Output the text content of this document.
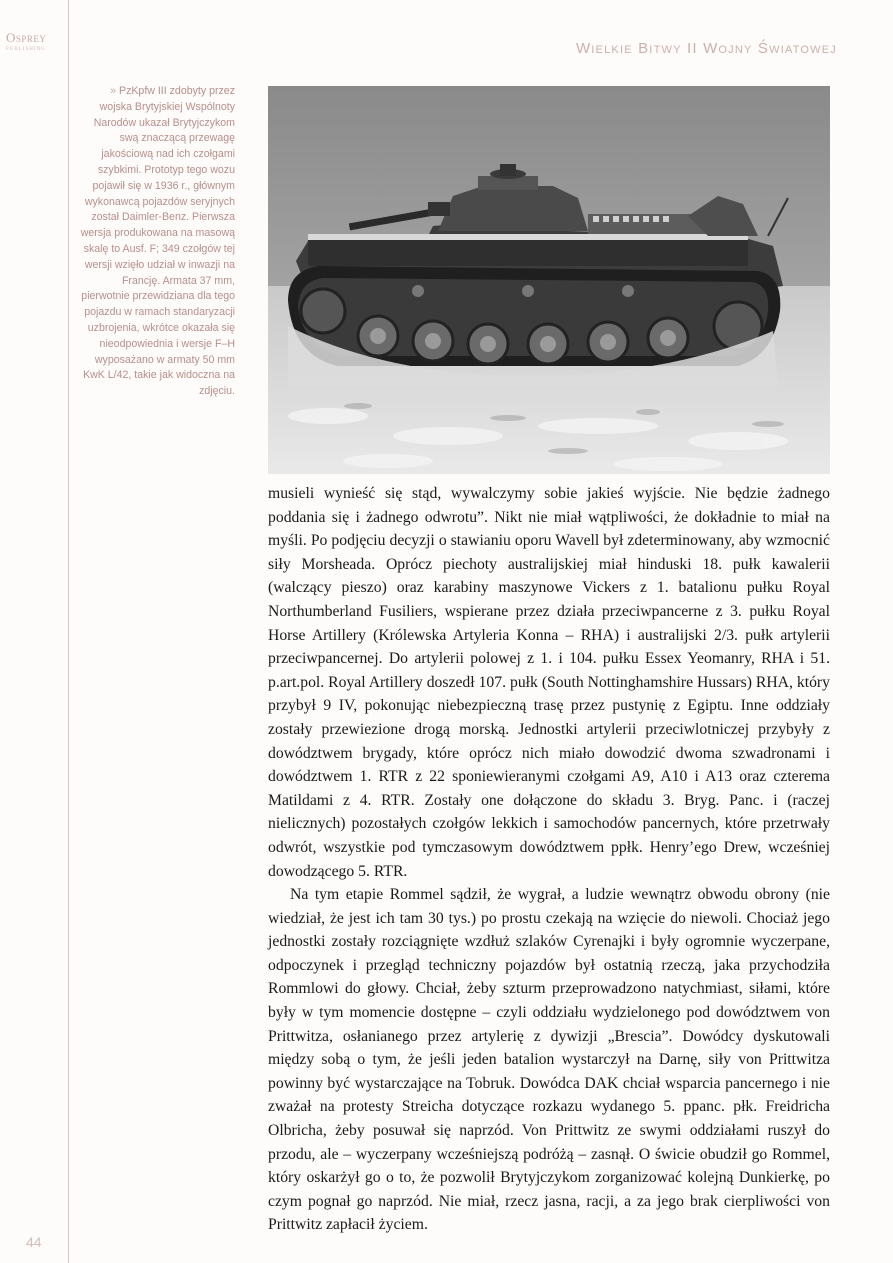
Osprey
PUBLISHING	Wielkie Bitwy II Wojny Światowej
» PzKpfw III zdobyty przez wojska Brytyjskiej Wspólnoty Narodów ukazał Brytyjczykom swą znaczącą przewagę jakościową nad ich czołgami szybkimi. Prototyp tego wozu pojawił się w 1936 r., głównym wykonawcą pojazdów seryjnych został Daimler-Benz. Pierwsza wersja produkowana na masową skalę to Ausf. F; 349 czołgów tej wersji wzięło udział w inwazji na Francję. Armata 37 mm, pierwotnie przewidziana dla tego pojazdu w ramach standaryzacji uzbrojenia, wkrótce okazała się nieodpowiednia i wersje F–H wyposażano w armaty 50 mm KwK L/42, takie jak widoczna na zdjęciu.

musieli wynieść się stąd, wywalczymy sobie jakieś wyjście. Nie będzie żadnego poddania się i żadnego odwrotu”. Nikt nie miał wątpliwości, że dokładnie to miał na myśli. Po podjęciu decyzji o stawianiu oporu Wavell był zdeterminowany, aby wzmocnić siły Morsheada. Oprócz piechoty australijskiej miał hinduski 18. pułk kawalerii (walczący pieszo) oraz karabiny maszynowe Vickers z 1. batalionu pułku Royal Northumberland Fusiliers, wspierane przez działa przeciwpancerne z 3. pułku Royal Horse Artillery (Królewska Artyleria Konna – RHA) i australijski 2/3. pułk artylerii przeciwpancernej. Do artylerii polowej z 1. i 104. pułku Essex Yeomanry, RHA i 51. p.art.pol. Royal Artillery doszedł 107. pułk (South Nottinghamshire Hussars) RHA, który przybył 9 IV, pokonując niebezpieczną trasę przez pustynię z Egiptu. Inne oddziały zostały przewiezione drogą morską. Jednostki artylerii przeciwlotniczej przybyły z dowództwem brygady, które oprócz nich miało dowodzić dwoma szwadronami i dowództwem 1. RTR z 22 sponiewieranymi czołgami A9, A10 i A13 oraz czterema Matildami z 4. RTR. Zostały one dołączone do składu 3. Bryg. Panc. i (raczej nielicznych) pozostałych czołgów lekkich i samochodów pancernych, które przetrwały odwrót, wszystkie pod tymczasowym dowództwem ppłk. Henry’ego Drew, wcześniej dowodzącego 5. RTR.

Na tym etapie Rommel sądził, że wygrał, a ludzie wewnątrz obwodu obrony (nie wiedział, że jest ich tam 30 tys.) po prostu czekają na wzięcie do niewoli. Chociaż jego jednostki zostały rozciągnięte wzdłuż szlaków Cyrenajki i były ogromnie wyczerpane, odpoczynek i przegląd techniczny pojazdów był ostatnią rzeczą, jaka przychodziła Rommlowi do głowy. Chciał, żeby szturm przeprowadzono natychmiast, siłami, które były w tym momencie dostępne – czyli oddziału wydzielonego pod dowództwem von Prittwitza, osłanianego przez artylerię z dywizji „Brescia”. Dowódcy dyskutowali między sobą o tym, że jeśli jeden batalion wystarczył na Darnę, siły von Prittwitza powinny być wystarczające na Tobruk. Dowódca DAK chciał wsparcia pancernego i nie zważał na protesty Streicha dotyczące rozkazu wydanego 5. ppanc. płk. Freidricha Olbricha, żeby posuwał się naprzód. Von Prittwitz ze swymi oddziałami ruszył do przodu, ale – wyczerpany wcześniejszą podróżą – zasnął. O świcie obudził go Rommel, który oskarżył go o to, że pozwolił Brytyjczykom zorganizować kolejną Dunkierkę, po czym pognał go naprzód. Nie miał, rzecz jasna, racji, a za jego brak cierpliwości von Prittwitz zapłacił życiem.

44
